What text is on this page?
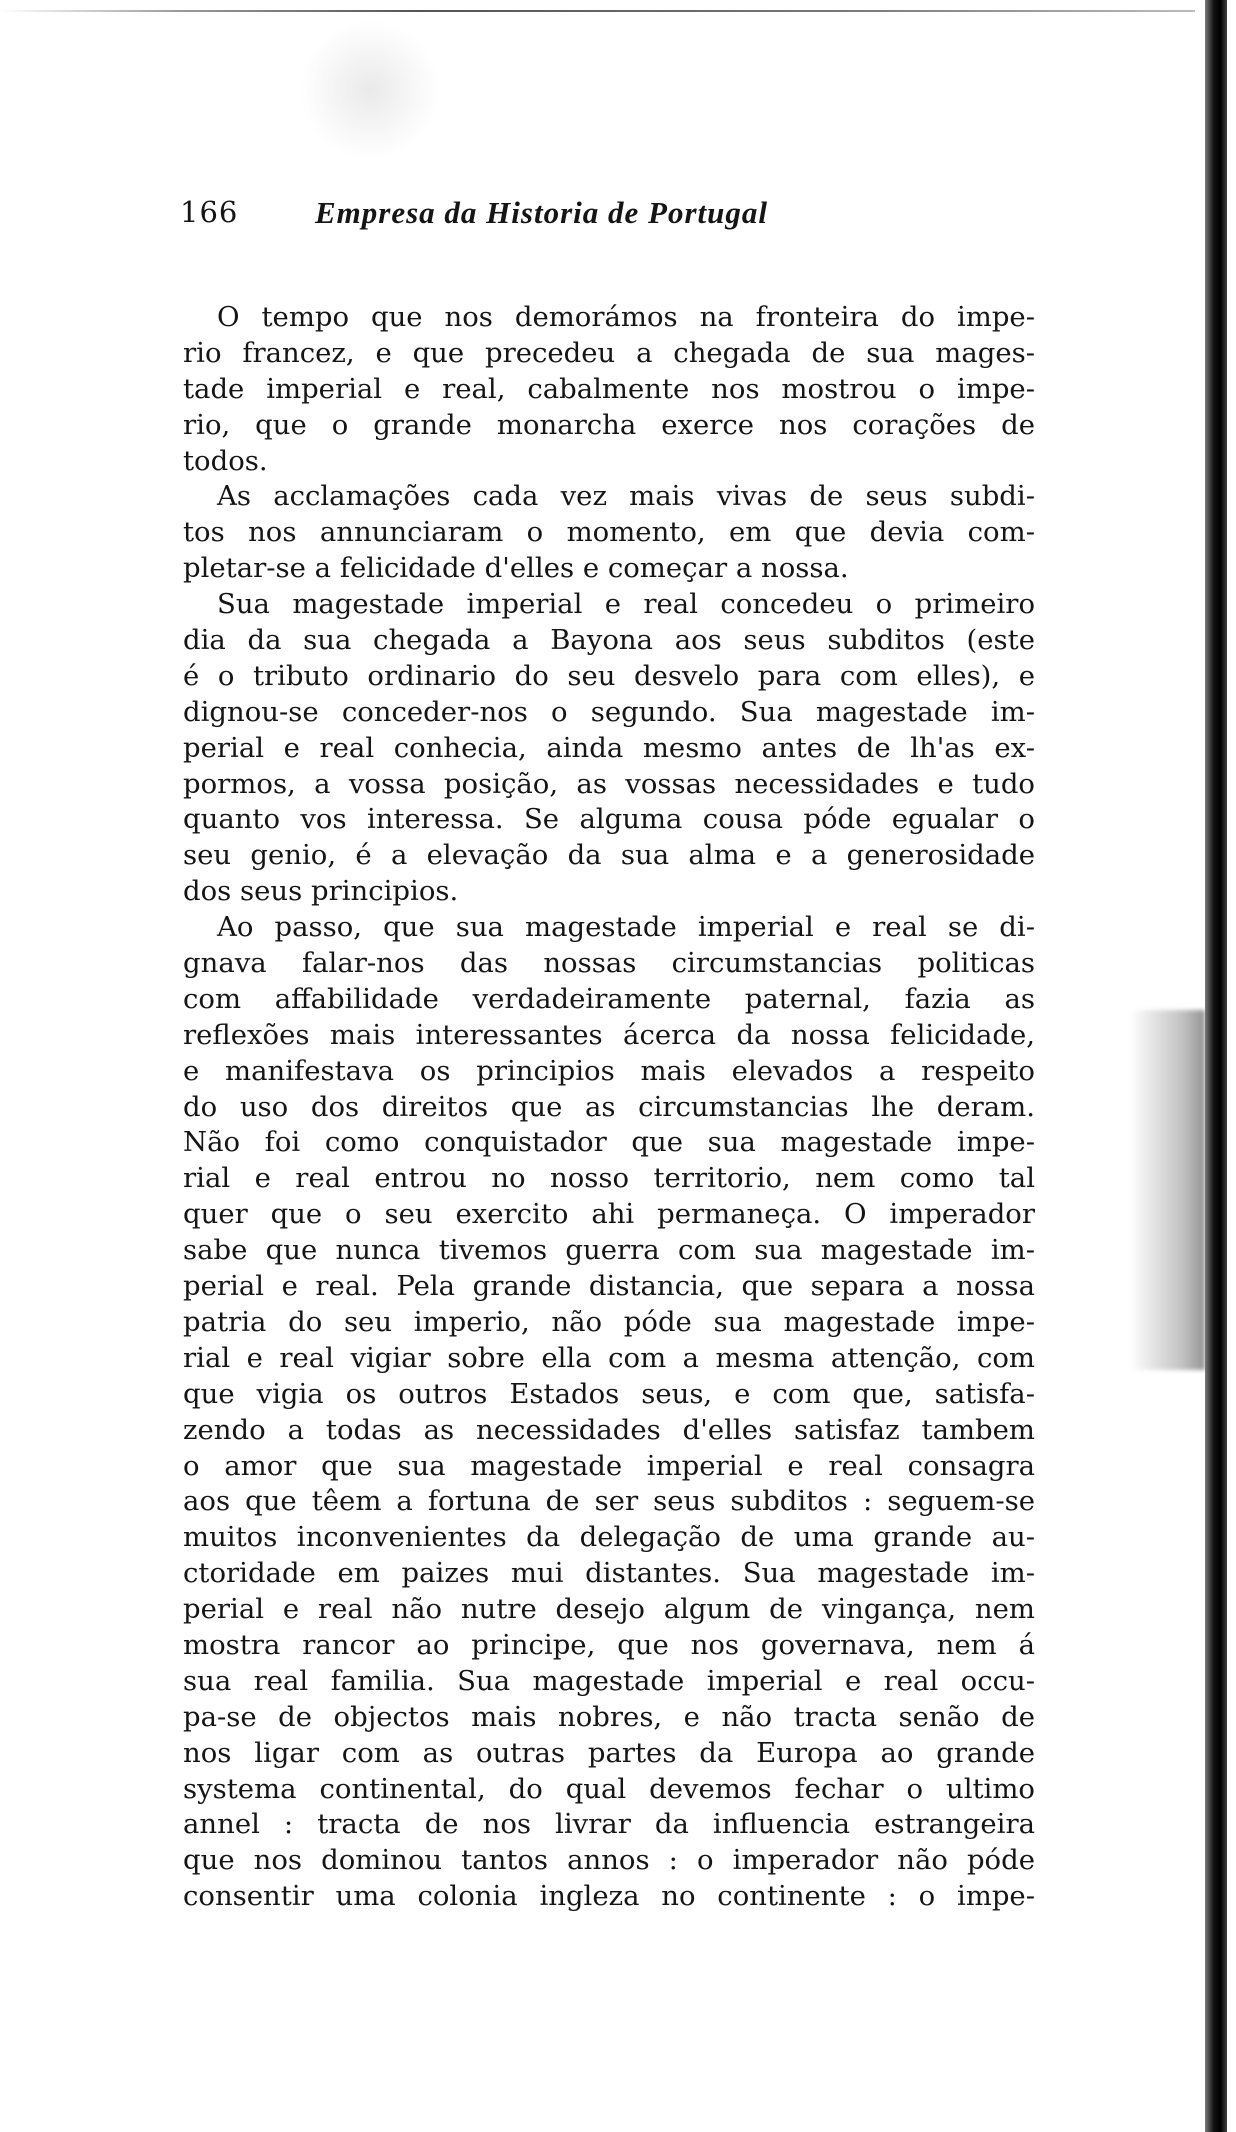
166 Empresa da Historia de Portugal
O tempo que nos demorámos na fronteira do impe-
rio francez, e que precedeu a chegada de sua mages-
tade imperial e real, cabalmente nos mostrou o impe-
rio, que o grande monarcha exerce nos corações de
todos.
As acclamações cada vez mais vivas de seus subdi-
tos nos annunciaram o momento, em que devia com-
pletar-se a felicidade d'elles e começar a nossa.
Sua magestade imperial e real concedeu o primeiro
dia da sua chegada a Bayona aos seus subditos (este
é o tributo ordinario do seu desvelo para com elles), e
dignou-se conceder-nos o segundo. Sua magestade im-
perial e real conhecia, ainda mesmo antes de lh'as ex-
pormos, a vossa posição, as vossas necessidades e tudo
quanto vos interessa. Se alguma cousa póde egualar o
seu genio, é a elevação da sua alma e a generosidade
dos seus principios.
Ao passo, que sua magestade imperial e real se di-
gnava falar-nos das nossas circumstancias politicas
com affabilidade verdadeiramente paternal, fazia as
reflexões mais interessantes ácerca da nossa felicidade,
e manifestava os principios mais elevados a respeito
do uso dos direitos que as circumstancias lhe deram.
Não foi como conquistador que sua magestade impe-
rial e real entrou no nosso territorio, nem como tal
quer que o seu exercito ahi permaneça. O imperador
sabe que nunca tivemos guerra com sua magestade im-
perial e real. Pela grande distancia, que separa a nossa
patria do seu imperio, não póde sua magestade impe-
rial e real vigiar sobre ella com a mesma attenção, com
que vigia os outros Estados seus, e com que, satisfa-
zendo a todas as necessidades d'elles satisfaz tambem
o amor que sua magestade imperial e real consagra
aos que têem a fortuna de ser seus subditos : seguem-se
muitos inconvenientes da delegação de uma grande au-
ctoridade em paizes mui distantes. Sua magestade im-
perial e real não nutre desejo algum de vingança, nem
mostra rancor ao principe, que nos governava, nem á
sua real familia. Sua magestade imperial e real occu-
pa-se de objectos mais nobres, e não tracta senão de
nos ligar com as outras partes da Europa ao grande
systema continental, do qual devemos fechar o ultimo
annel : tracta de nos livrar da influencia estrangeira
que nos dominou tantos annos : o imperador não póde
consentir uma colonia ingleza no continente : o impe-
